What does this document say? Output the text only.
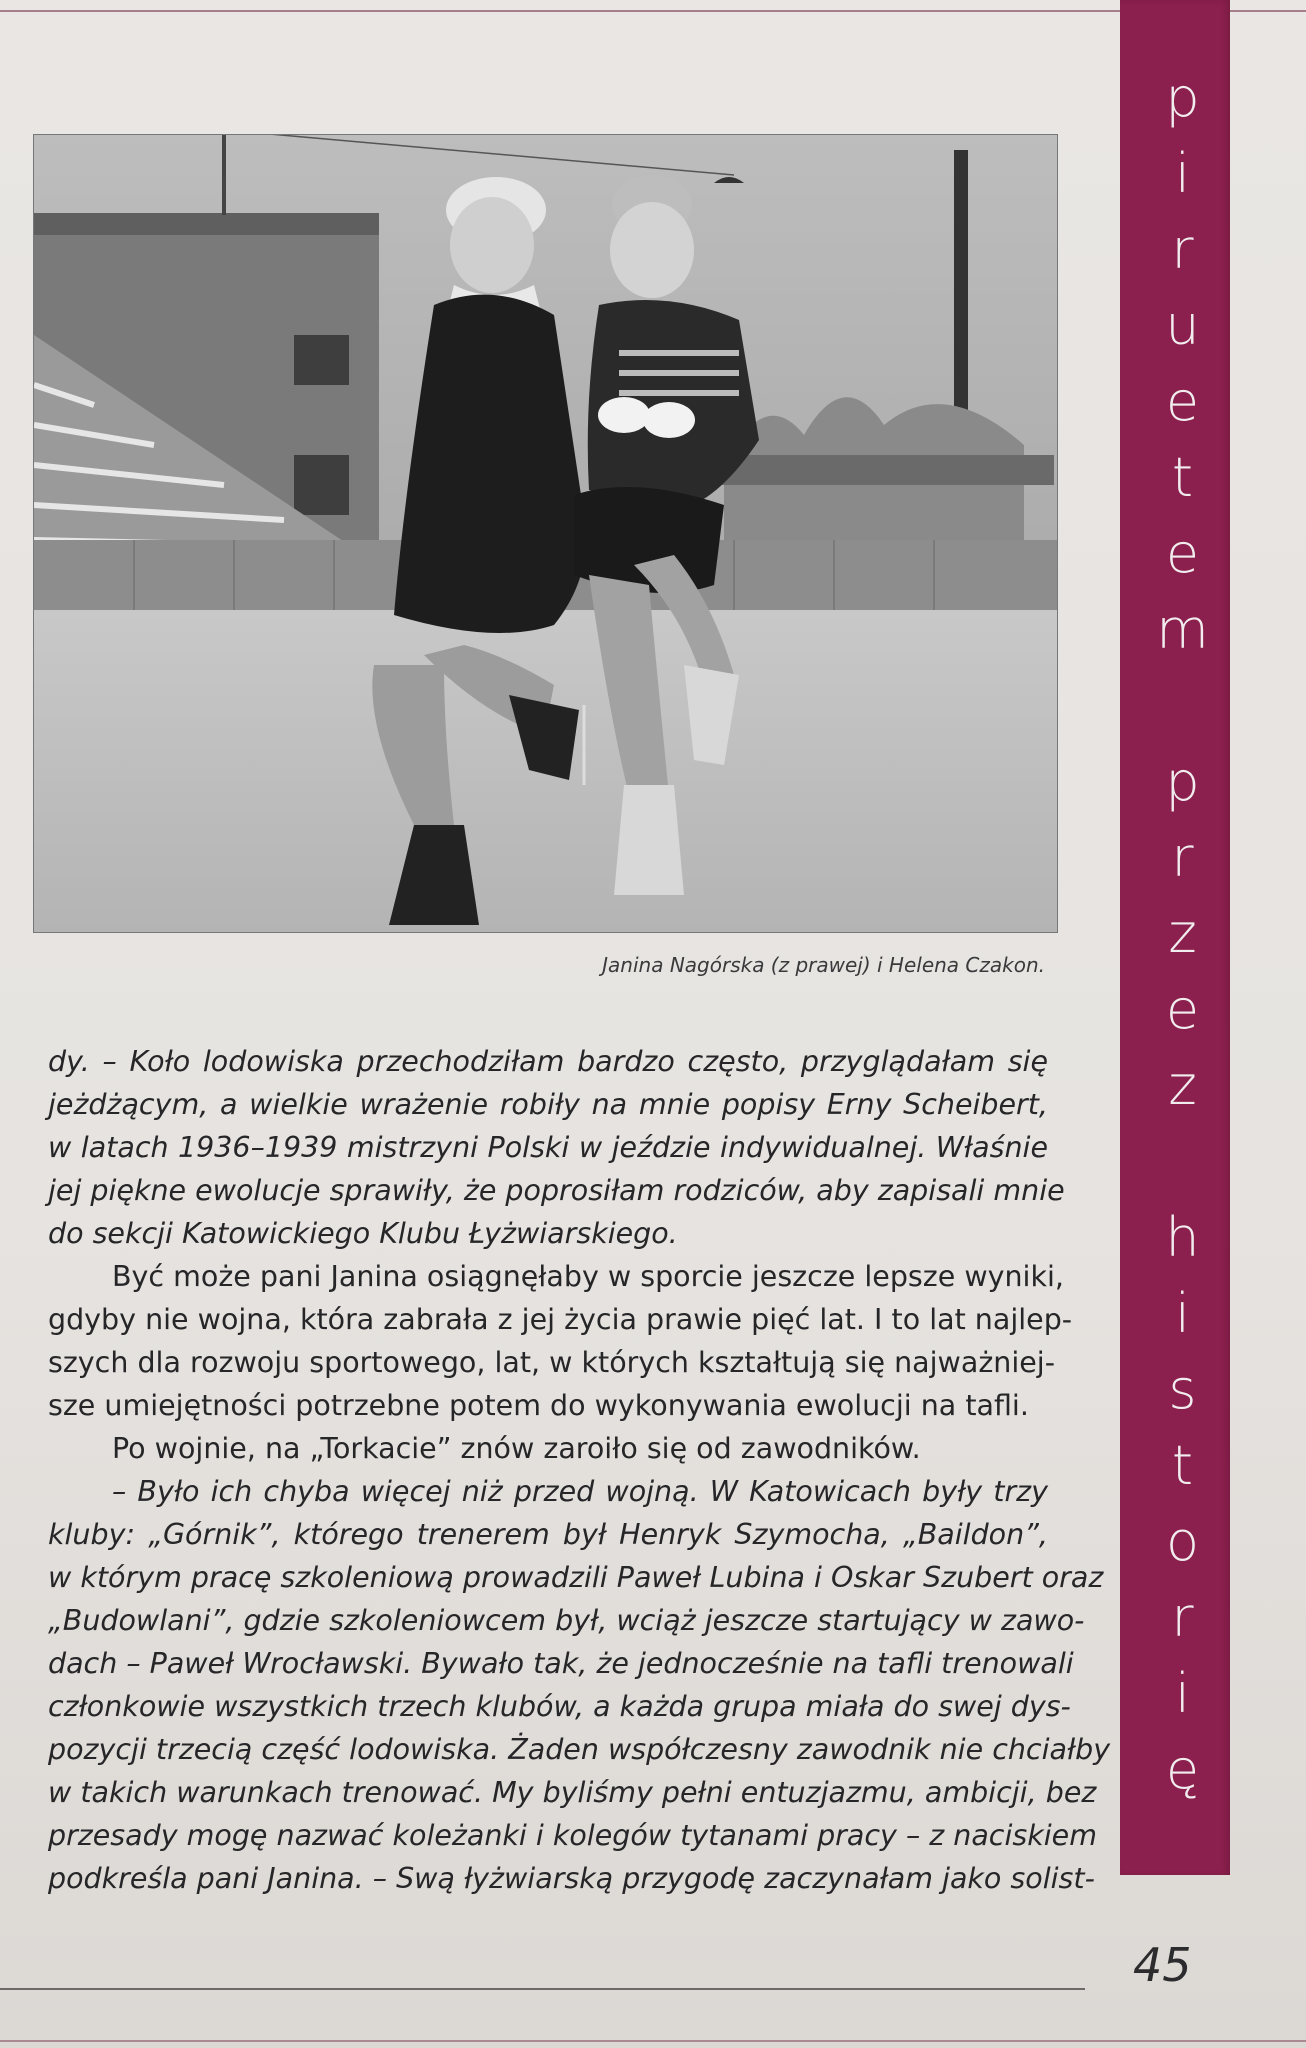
p
i
r
u
e
t
e
m
p
r
z
e
z
h
i
s
t
o
r
i
ę
Janina Nagórska (z prawej) i Helena Czakon.
dy. – Koło lodowiska przechodziłam bardzo często, przyglądałam się
jeżdżącym, a wielkie wrażenie robiły na mnie popisy Erny Scheibert,
w latach 1936–1939 mistrzyni Polski w jeździe indywidualnej. Właśnie
jej piękne ewolucje sprawiły, że poprosiłam rodziców, aby zapisali mnie
do sekcji Katowickiego Klubu Łyżwiarskiego.
Być może pani Janina osiągnęłaby w sporcie jeszcze lepsze wyniki,
gdyby nie wojna, która zabrała z jej życia prawie pięć lat. I to lat najlep-
szych dla rozwoju sportowego, lat, w których kształtują się najważniej-
sze umiejętności potrzebne potem do wykonywania ewolucji na tafli.
Po wojnie, na „Torkacie” znów zaroiło się od zawodników.
– Było ich chyba więcej niż przed wojną. W Katowicach były trzy
kluby: „Górnik”, którego trenerem był Henryk Szymocha, „Baildon”,
w którym pracę szkoleniową prowadzili Paweł Lubina i Oskar Szubert oraz
„Budowlani”, gdzie szkoleniowcem był, wciąż jeszcze startujący w zawo-
dach – Paweł Wrocławski. Bywało tak, że jednocześnie na tafli trenowali
członkowie wszystkich trzech klubów, a każda grupa miała do swej dys-
pozycji trzecią część lodowiska. Żaden współczesny zawodnik nie chciałby
w takich warunkach trenować. My byliśmy pełni entuzjazmu, ambicji, bez
przesady mogę nazwać koleżanki i kolegów tytanami pracy – z naciskiem
podkreśla pani Janina. – Swą łyżwiarską przygodę zaczynałam jako solist-
45
